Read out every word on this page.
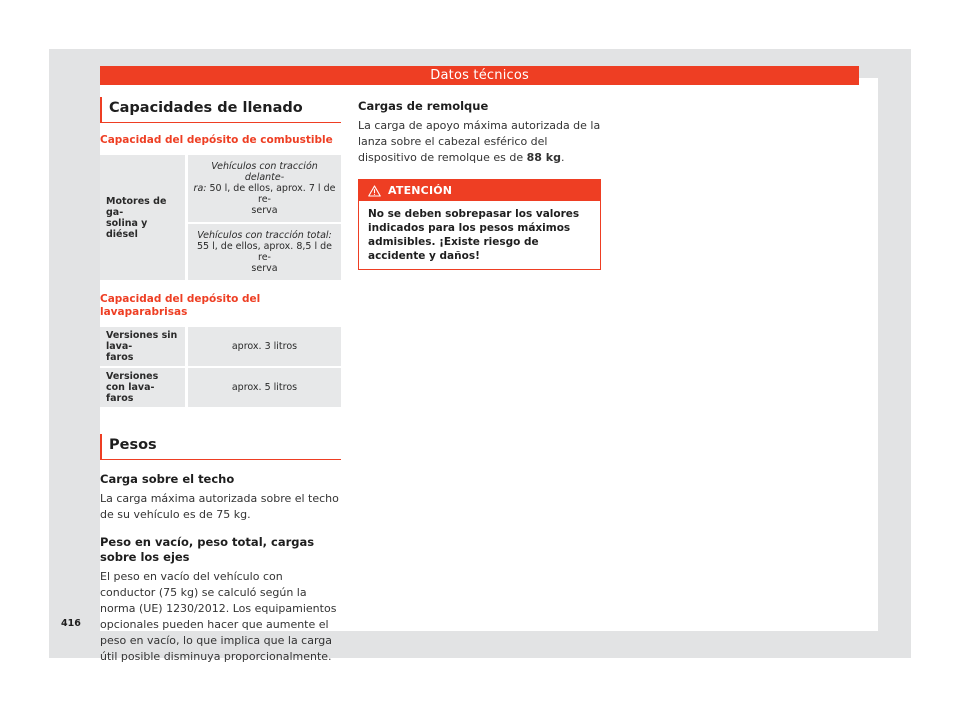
Datos técnicos
Capacidades de llenado
Capacidad del depósito de combustible
Motores de ga-
solina y diésel	Vehículos con tracción delante-
ra: 50 l, de ellos, aprox. 7 l de re-
serva
Vehículos con tracción total:
55 l, de ellos, aprox. 8,5 l de re-
serva
Capacidad del depósito del lavaparabrisas
Versiones sin lava-
faros	aprox. 3 litros
Versiones con lava-
faros	aprox. 5 litros
Pesos
Carga sobre el techo
La carga máxima autorizada sobre el techo de su vehículo es de 75 kg.
Peso en vacío, peso total, cargas sobre los ejes
El peso en vacío del vehículo con conductor (75 kg) se calculó según la norma (UE) 1230/2012. Los equipamientos opcionales pueden hacer que aumente el peso en vacío, lo que implica que la carga útil posible disminuya proporcionalmente.
Cargas de remolque
La carga de apoyo máxima autorizada de la lanza sobre el cabezal esférico del dispositivo de remolque es de 88 kg.
ATENCIÓN
No se deben sobrepasar los valores indicados para los pesos máximos admisibles. ¡Existe riesgo de accidente y daños!
416
